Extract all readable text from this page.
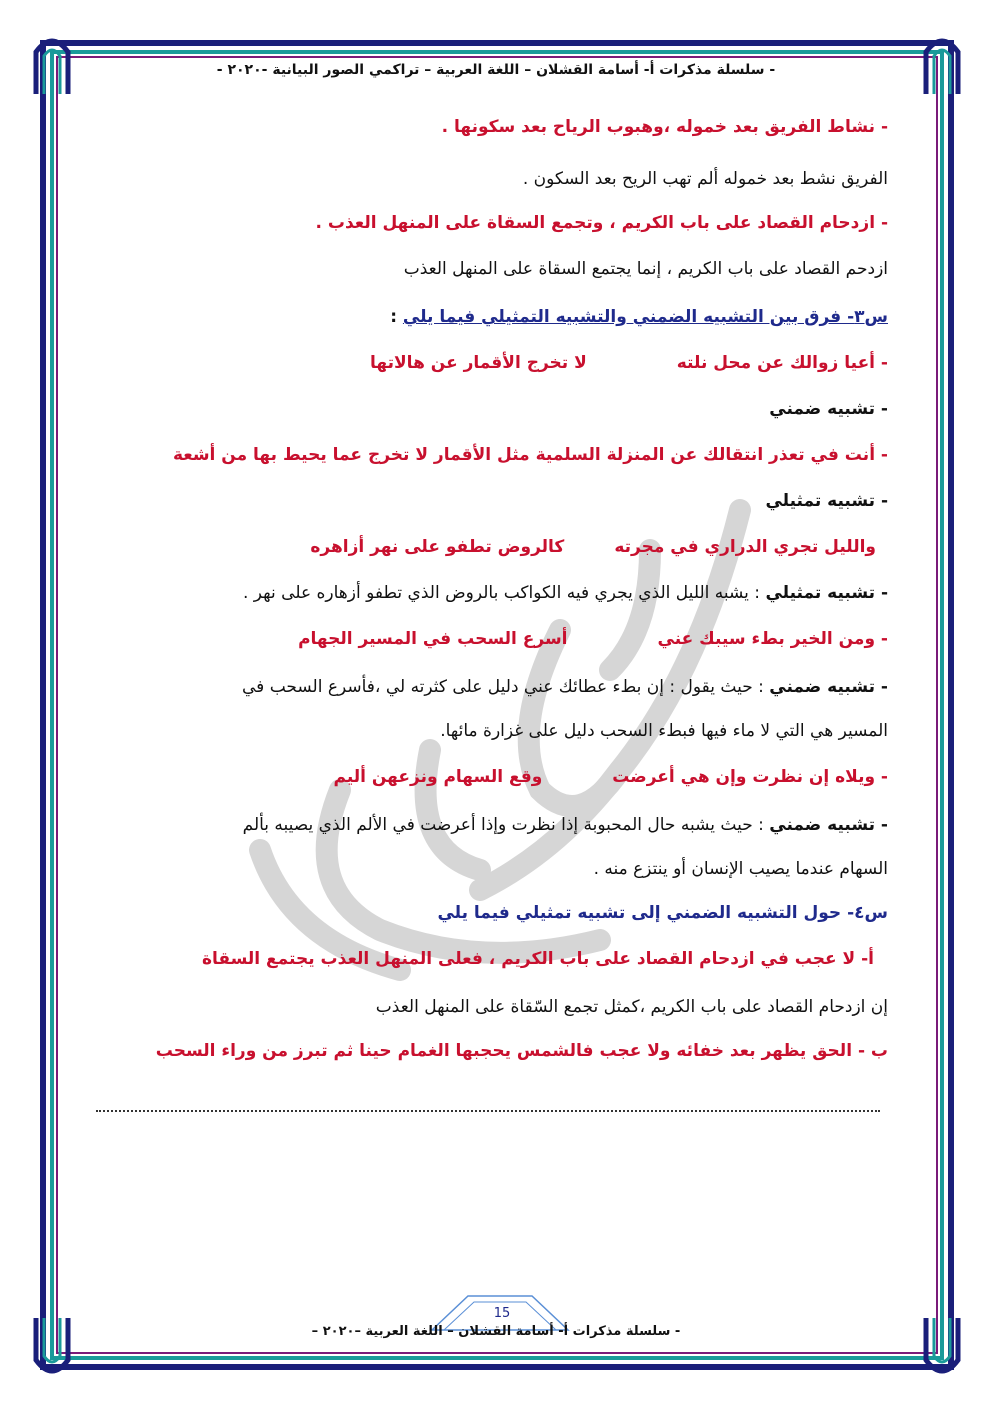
- سلسلة مذكرات أ- أسامة القشلان – اللغة العربية – تراكمي الصور البيانية -٢٠٢٠ -

- نشاط الفريق بعد خموله ،وهبوب الرياح بعد سكونها .

الفريق نشط بعد خموله ألم تهب الريح بعد السكون .

- ازدحام القصاد على باب الكريم ، وتجمع السقاة على المنهل العذب .

ازدحم القصاد على باب الكريم ، إنما يجتمع السقاة على المنهل العذب

س٣- فرق بين التشبيه الضمني والتشبيه التمثيلي فيما يلي :

- أعيا زوالك عن محل نلته
لا تخرج الأقمار عن هالاتها

- تشبيه ضمني

- أنت في تعذر انتقالك عن المنزلة السلمية مثل الأقمار لا تخرج عما يحيط بها من أشعة

- تشبيه تمثيلي

والليل تجري الدراري في مجرته
كالروض تطفو على نهر أزاهره

- تشبيه تمثيلي : يشبه الليل الذي يجري فيه الكواكب بالروض الذي تطفو أزهاره على نهر .

- ومن الخير بطء سيبك عني
أسرع السحب في المسير الجهام

- تشبيه ضمني : حيث يقول : إن بطء عطائك عني دليل على كثرته لي ،فأسرع السحب في

المسير هي التي لا ماء فيها فبطء السحب دليل على غزارة مائها.

- ويلاه إن نظرت وإن هي أعرضت
وقع السهام ونزعهن أليم

- تشبيه ضمني : حيث يشبه حال المحبوبة إذا نظرت وإذا أعرضت في الألم الذي يصيبه بألم

السهام عندما يصيب الإنسان أو ينتزع منه .

س٤- حول التشبيه الضمني إلى تشبيه تمثيلي فيما يلي

أ- لا عجب في ازدحام القصاد على باب الكريم ، فعلى المنهل العذب يجتمع السقاة

إن ازدحام القصاد على باب الكريم ،كمثل تجمع السّقاة على المنهل العذب

ب - الحق يظهر بعد خفائه ولا عجب فالشمس يحجبها الغمام حينا ثم تبرز من وراء السحب

15
- سلسلة مذكرات أ- أسامة القشلان – اللغة العربية –٢٠٢٠ –
